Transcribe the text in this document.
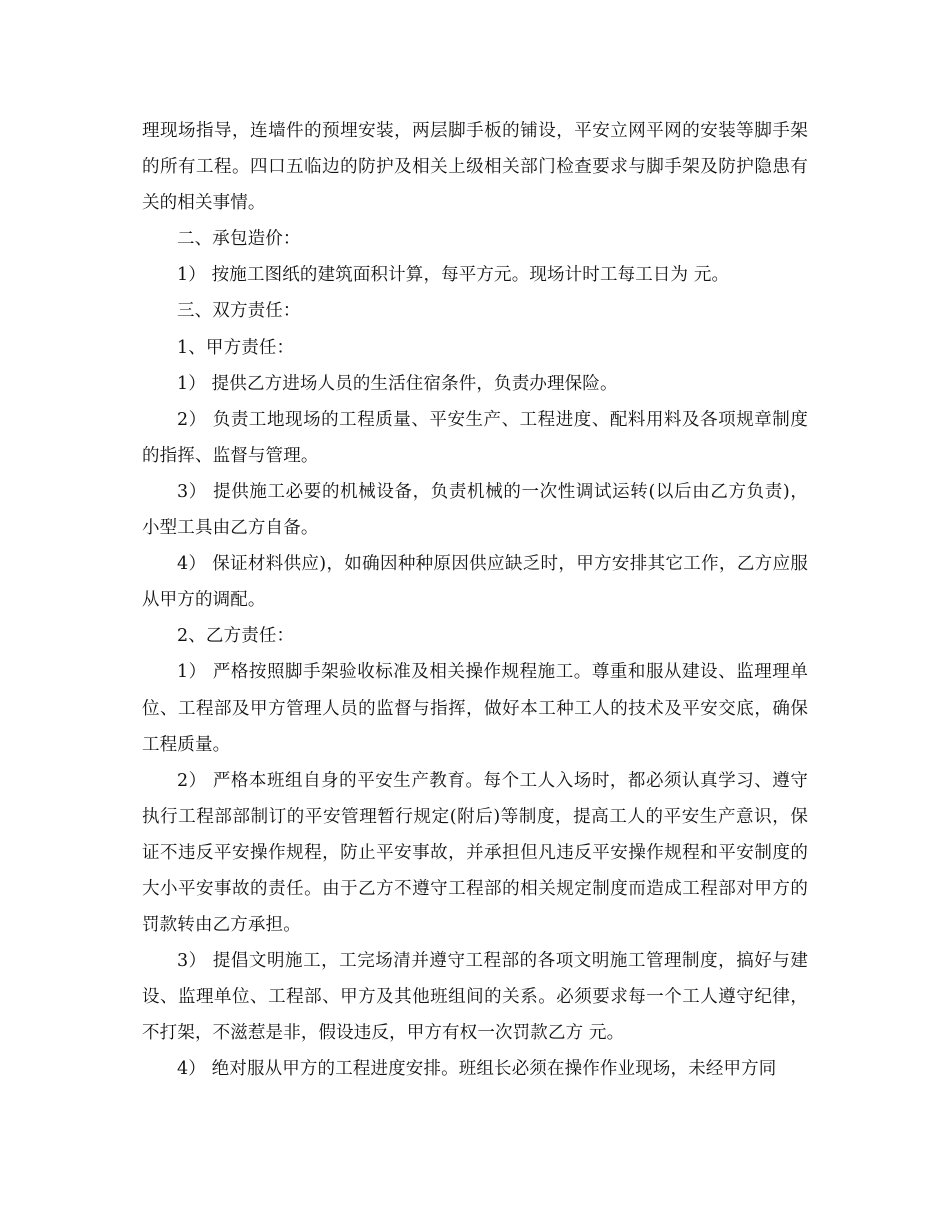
理现场指导，连墙件的预埋安装，两层脚手板的铺设，平安立网平网的安装等脚手架的所有工程。四口五临边的防护及相关上级相关部门检查要求与脚手架及防护隐患有关的相关事情。

二、承包造价：

1） 按施工图纸的建筑面积计算，每平方元。现场计时工每工日为 元。

三、双方责任：

1、甲方责任：

1） 提供乙方进场人员的生活住宿条件，负责办理保险。

2） 负责工地现场的工程质量、平安生产、工程进度、配料用料及各项规章制度的指挥、监督与管理。

3） 提供施工必要的机械设备，负责机械的一次性调试运转(以后由乙方负责)，小型工具由乙方自备。

4） 保证材料供应)，如确因种种原因供应缺乏时，甲方安排其它工作，乙方应服从甲方的调配。

2、乙方责任：

1） 严格按照脚手架验收标准及相关操作规程施工。尊重和服从建设、监理理单位、工程部及甲方管理人员的监督与指挥，做好本工种工人的技术及平安交底，确保工程质量。

2） 严格本班组自身的平安生产教育。每个工人入场时，都必须认真学习、遵守执行工程部部制订的平安管理暂行规定(附后)等制度，提高工人的平安生产意识，保证不违反平安操作规程，防止平安事故，并承担但凡违反平安操作规程和平安制度的大小平安事故的责任。由于乙方不遵守工程部的相关规定制度而造成工程部对甲方的罚款转由乙方承担。

3） 提倡文明施工，工完场清并遵守工程部的各项文明施工管理制度，搞好与建设、监理单位、工程部、甲方及其他班组间的关系。必须要求每一个工人遵守纪律，不打架，不滋惹是非，假设违反，甲方有权一次罚款乙方 元。

4） 绝对服从甲方的工程进度安排。班组长必须在操作作业现场，未经甲方同
